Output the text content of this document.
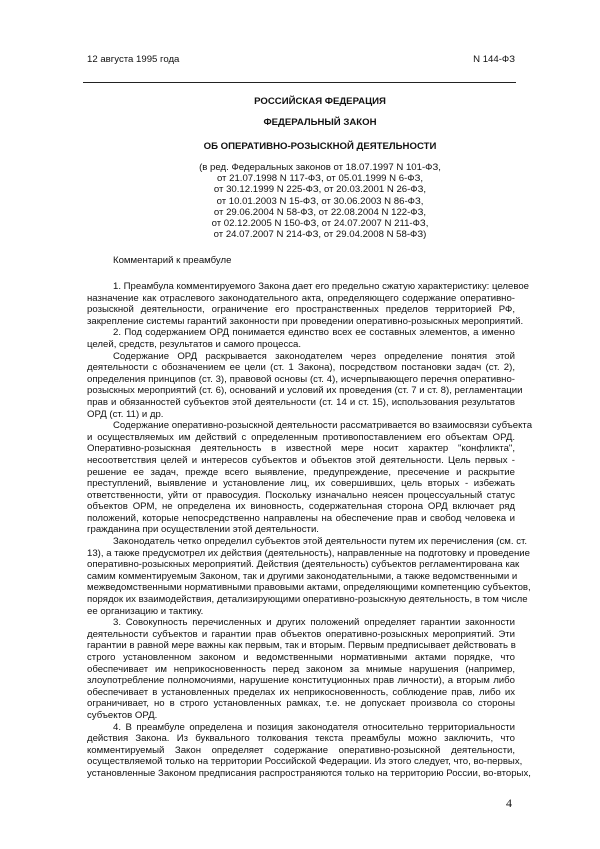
12 августа 1995 года	N 144-ФЗ
РОССИЙСКАЯ ФЕДЕРАЦИЯ
ФЕДЕРАЛЬНЫЙ ЗАКОН
ОБ ОПЕРАТИВНО-РОЗЫСКНОЙ ДЕЯТЕЛЬНОСТИ
(в ред. Федеральных законов от 18.07.1997 N 101-ФЗ,
от 21.07.1998 N 117-ФЗ, от 05.01.1999 N 6-ФЗ,
от 30.12.1999 N 225-ФЗ, от 20.03.2001 N 26-ФЗ,
от 10.01.2003 N 15-ФЗ, от 30.06.2003 N 86-ФЗ,
от 29.06.2004 N 58-ФЗ, от 22.08.2004 N 122-ФЗ,
от 02.12.2005 N 150-ФЗ, от 24.07.2007 N 211-ФЗ,
от 24.07.2007 N 214-ФЗ, от 29.04.2008 N 58-ФЗ)
Комментарий к преамбуле
1. Преамбула комментируемого Закона дает его предельно сжатую характеристику: целевое
назначение как отраслевого законодательного акта, определяющего содержание оперативно-
розыскной деятельности, ограничение его пространственных пределов территорией РФ,
закрепление системы гарантий законности при проведении оперативно-розыскных мероприятий.
2. Под содержанием ОРД понимается единство всех ее составных элементов, а именно
целей, средств, результатов и самого процесса.
Содержание ОРД раскрывается законодателем через определение понятия этой
деятельности с обозначением ее цели (ст. 1 Закона), посредством постановки задач (ст. 2),
определения принципов (ст. 3), правовой основы (ст. 4), исчерпывающего перечня оперативно-
розыскных мероприятий (ст. 6), оснований и условий их проведения (ст. 7 и ст. 8), регламентации
прав и обязанностей субъектов этой деятельности (ст. 14 и ст. 15), использования результатов
ОРД (ст. 11) и др.
Содержание оперативно-розыскной деятельности рассматривается во взаимосвязи субъекта
и осуществляемых им действий с определенным противопоставлением его объектам ОРД.
Оперативно-розыскная деятельность в известной мере носит характер "конфликта",
несоответствия целей и интересов субъектов и объектов этой деятельности. Цель первых -
решение ее задач, прежде всего выявление, предупреждение, пресечение и раскрытие
преступлений, выявление и установление лиц, их совершивших, цель вторых - избежать
ответственности, уйти от правосудия. Поскольку изначально неясен процессуальный статус
объектов ОРМ, не определена их виновность, содержательная сторона ОРД включает ряд
положений, которые непосредственно направлены на обеспечение прав и свобод человека и
гражданина при осуществлении этой деятельности.
Законодатель четко определил субъектов этой деятельности путем их перечисления (см. ст.
13), а также предусмотрел их действия (деятельность), направленные на подготовку и проведение
оперативно-розыскных мероприятий. Действия (деятельность) субъектов регламентирована как
самим комментируемым Законом, так и другими законодательными, а также ведомственными и
межведомственными нормативными правовыми актами, определяющими компетенцию субъектов,
порядок их взаимодействия, детализирующими оперативно-розыскную деятельность, в том числе
ее организацию и тактику.
3. Совокупность перечисленных и других положений определяет гарантии законности
деятельности субъектов и гарантии прав объектов оперативно-розыскных мероприятий. Эти
гарантии в равной мере важны как первым, так и вторым. Первым предписывает действовать в
строго установленном законом и ведомственными нормативными актами порядке, что
обеспечивает им неприкосновенность перед законом за мнимые нарушения (например,
злоупотребление полномочиями, нарушение конституционных прав личности), а вторым либо
обеспечивает в установленных пределах их неприкосновенность, соблюдение прав, либо их
ограничивает, но в строго установленных рамках, т.е. не допускает произвола со стороны
субъектов ОРД.
4. В преамбуле определена и позиция законодателя относительно территориальности
действия Закона. Из буквального толкования текста преамбулы можно заключить, что
комментируемый Закон определяет содержание оперативно-розыскной деятельности,
осуществляемой только на территории Российской Федерации. Из этого следует, что, во-первых,
установленные Законом предписания распространяются только на территорию России, во-вторых,
4
